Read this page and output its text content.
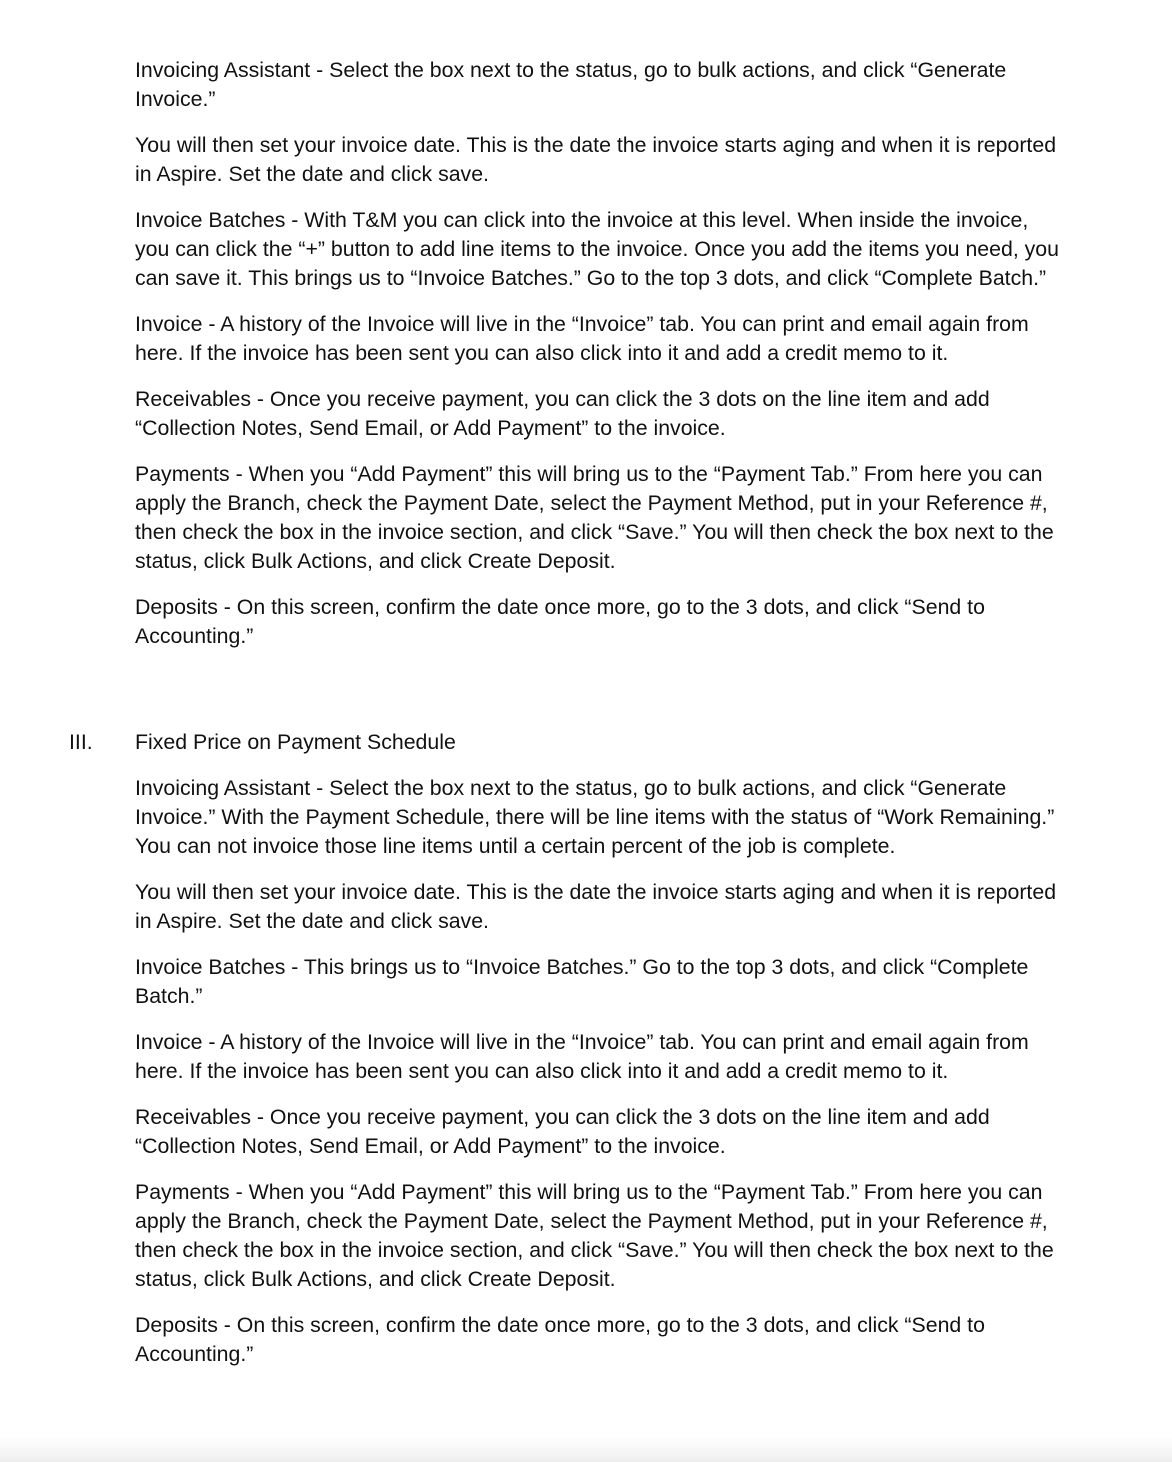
Invoicing Assistant - Select the box next to the status, go to bulk actions, and click “Generate Invoice.”

You will then set your invoice date. This is the date the invoice starts aging and when it is reported in Aspire. Set the date and click save.

Invoice Batches - With T&M you can click into the invoice at this level. When inside the invoice, you can click the “+” button to add line items to the invoice. Once you add the items you need, you can save it. This brings us to “Invoice Batches.” Go to the top 3 dots, and click “Complete Batch.”

Invoice - A history of the Invoice will live in the “Invoice” tab. You can print and email again from here. If the invoice has been sent you can also click into it and add a credit memo to it.

Receivables - Once you receive payment, you can click the 3 dots on the line item and add “Collection Notes, Send Email, or Add Payment” to the invoice.

Payments - When you “Add Payment” this will bring us to the “Payment Tab.” From here you can apply the Branch, check the Payment Date, select the Payment Method, put in your Reference #, then check the box in the invoice section, and click “Save.” You will then check the box next to the status, click Bulk Actions, and click Create Deposit.

Deposits - On this screen, confirm the date once more, go to the 3 dots, and click “Send to Accounting.”

III. Fixed Price on Payment Schedule

Invoicing Assistant - Select the box next to the status, go to bulk actions, and click “Generate Invoice.” With the Payment Schedule, there will be line items with the status of “Work Remaining.” You can not invoice those line items until a certain percent of the job is complete.

You will then set your invoice date. This is the date the invoice starts aging and when it is reported in Aspire. Set the date and click save.

Invoice Batches - This brings us to “Invoice Batches.” Go to the top 3 dots, and click “Complete Batch.”

Invoice - A history of the Invoice will live in the “Invoice” tab. You can print and email again from here. If the invoice has been sent you can also click into it and add a credit memo to it.

Receivables - Once you receive payment, you can click the 3 dots on the line item and add “Collection Notes, Send Email, or Add Payment” to the invoice.

Payments - When you “Add Payment” this will bring us to the “Payment Tab.” From here you can apply the Branch, check the Payment Date, select the Payment Method, put in your Reference #, then check the box in the invoice section, and click “Save.” You will then check the box next to the status, click Bulk Actions, and click Create Deposit.

Deposits - On this screen, confirm the date once more, go to the 3 dots, and click “Send to Accounting.”
